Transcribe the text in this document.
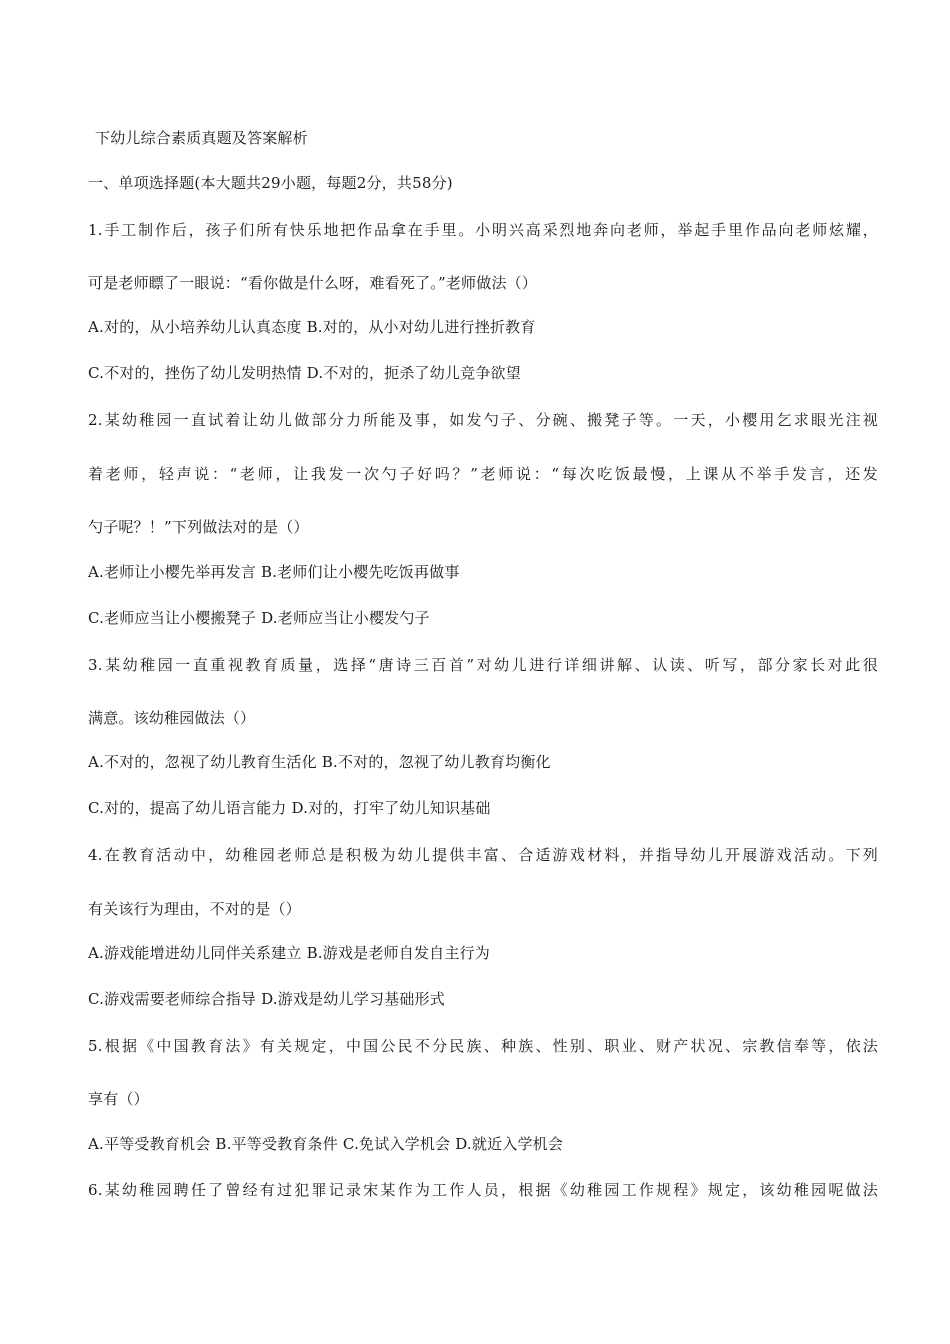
下幼儿综合素质真题及答案解析
一、单项选择题(本大题共29小题，每题2分，共58分)
1.手工制作后，孩子们所有快乐地把作品拿在手里。小明兴高采烈地奔向老师，举起手里作品向老师炫耀，
可是老师瞟了一眼说：“看你做是什么呀，难看死了。”老师做法（）
A.对的，从小培养幼儿认真态度 B.对的，从小对幼儿进行挫折教育
C.不对的，挫伤了幼儿发明热情 D.不对的，扼杀了幼儿竞争欲望
2.某幼稚园一直试着让幼儿做部分力所能及事，如发勺子、分碗、搬凳子等。一天，小樱用乞求眼光注视
着老师，轻声说：“老师，让我发一次勺子好吗？”老师说：“每次吃饭最慢，上课从不举手发言，还发
勺子呢？！”下列做法对的是（）
A.老师让小樱先举再发言 B.老师们让小樱先吃饭再做事
C.老师应当让小樱搬凳子 D.老师应当让小樱发勺子
3.某幼稚园一直重视教育质量，选择“唐诗三百首”对幼儿进行详细讲解、认读、听写，部分家长对此很
满意。该幼稚园做法（）
A.不对的，忽视了幼儿教育生活化 B.不对的，忽视了幼儿教育均衡化
C.对的，提高了幼儿语言能力 D.对的，打牢了幼儿知识基础
4.在教育活动中，幼稚园老师总是积极为幼儿提供丰富、合适游戏材料，并指导幼儿开展游戏活动。下列
有关该行为理由，不对的是（）
A.游戏能增进幼儿同伴关系建立 B.游戏是老师自发自主行为
C.游戏需要老师综合指导 D.游戏是幼儿学习基础形式
5.根据《中国教育法》有关规定，中国公民不分民族、种族、性别、职业、财产状况、宗教信奉等，依法
享有（）
A.平等受教育机会 B.平等受教育条件 C.免试入学机会 D.就近入学机会
6.某幼稚园聘任了曾经有过犯罪记录宋某作为工作人员，根据《幼稚园工作规程》规定，该幼稚园呢做法
